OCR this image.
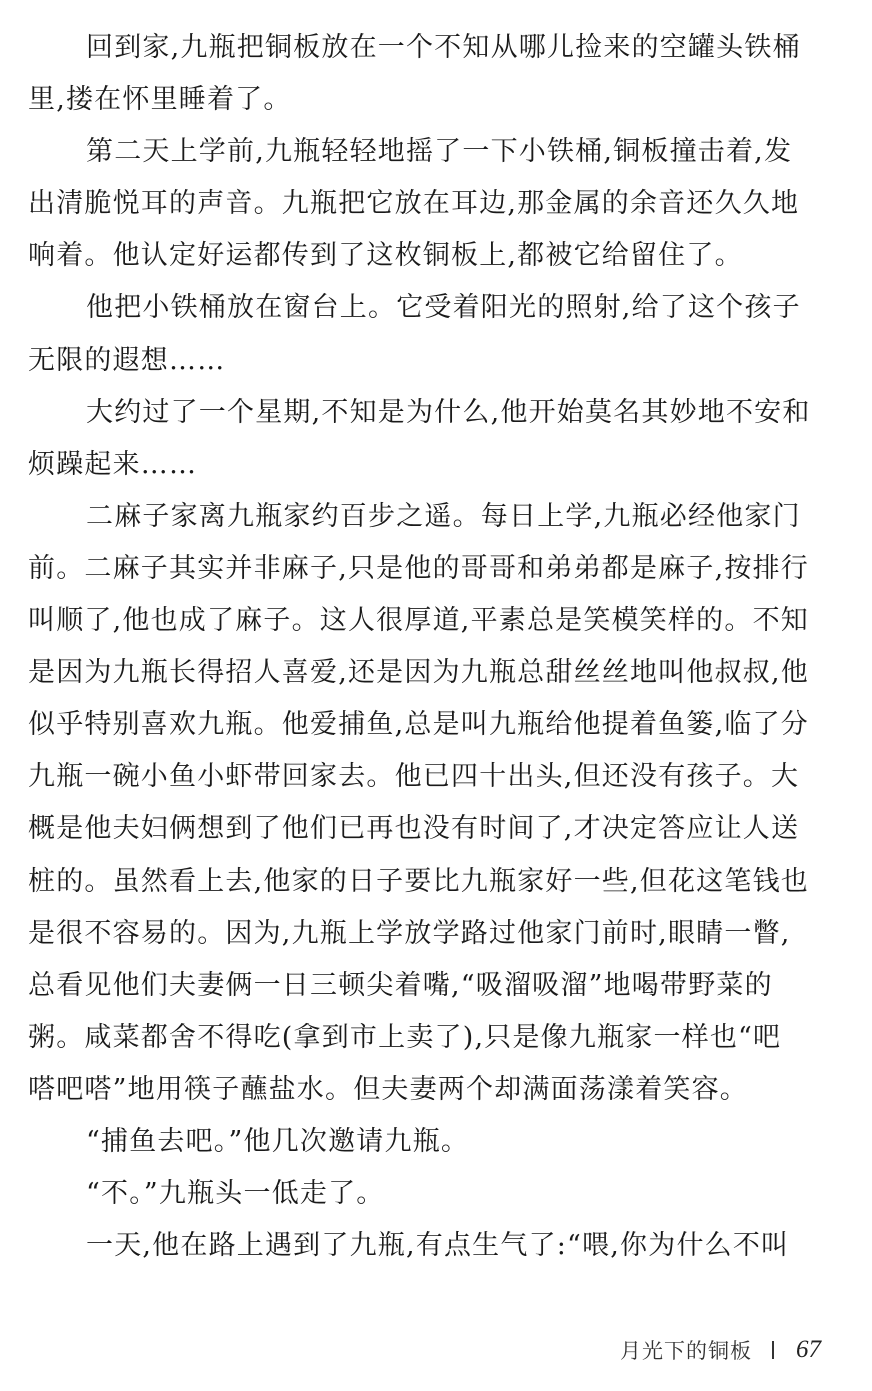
回到家,九瓶把铜板放在一个不知从哪儿捡来的空罐头铁桶
里,搂在怀里睡着了。
第二天上学前,九瓶轻轻地摇了一下小铁桶,铜板撞击着,发
出清脆悦耳的声音。九瓶把它放在耳边,那金属的余音还久久地
响着。他认定好运都传到了这枚铜板上,都被它给留住了。
他把小铁桶放在窗台上。它受着阳光的照射,给了这个孩子
无限的遐想……
大约过了一个星期,不知是为什么,他开始莫名其妙地不安和
烦躁起来……
二麻子家离九瓶家约百步之遥。每日上学,九瓶必经他家门
前。二麻子其实并非麻子,只是他的哥哥和弟弟都是麻子,按排行
叫顺了,他也成了麻子。这人很厚道,平素总是笑模笑样的。不知
是因为九瓶长得招人喜爱,还是因为九瓶总甜丝丝地叫他叔叔,他
似乎特别喜欢九瓶。他爱捕鱼,总是叫九瓶给他提着鱼篓,临了分
九瓶一碗小鱼小虾带回家去。他已四十出头,但还没有孩子。大
概是他夫妇俩想到了他们已再也没有时间了,才决定答应让人送
桩的。虽然看上去,他家的日子要比九瓶家好一些,但花这笔钱也
是很不容易的。因为,九瓶上学放学路过他家门前时,眼睛一瞥,
总看见他们夫妻俩一日三顿尖着嘴,“吸溜吸溜”地喝带野菜的
粥。咸菜都舍不得吃(拿到市上卖了),只是像九瓶家一样也“吧
嗒吧嗒”地用筷子蘸盐水。但夫妻两个却满面荡漾着笑容。
“捕鱼去吧。”他几次邀请九瓶。
“不。”九瓶头一低走了。
一天,他在路上遇到了九瓶,有点生气了:“喂,你为什么不叫
月光下的铜板 67
